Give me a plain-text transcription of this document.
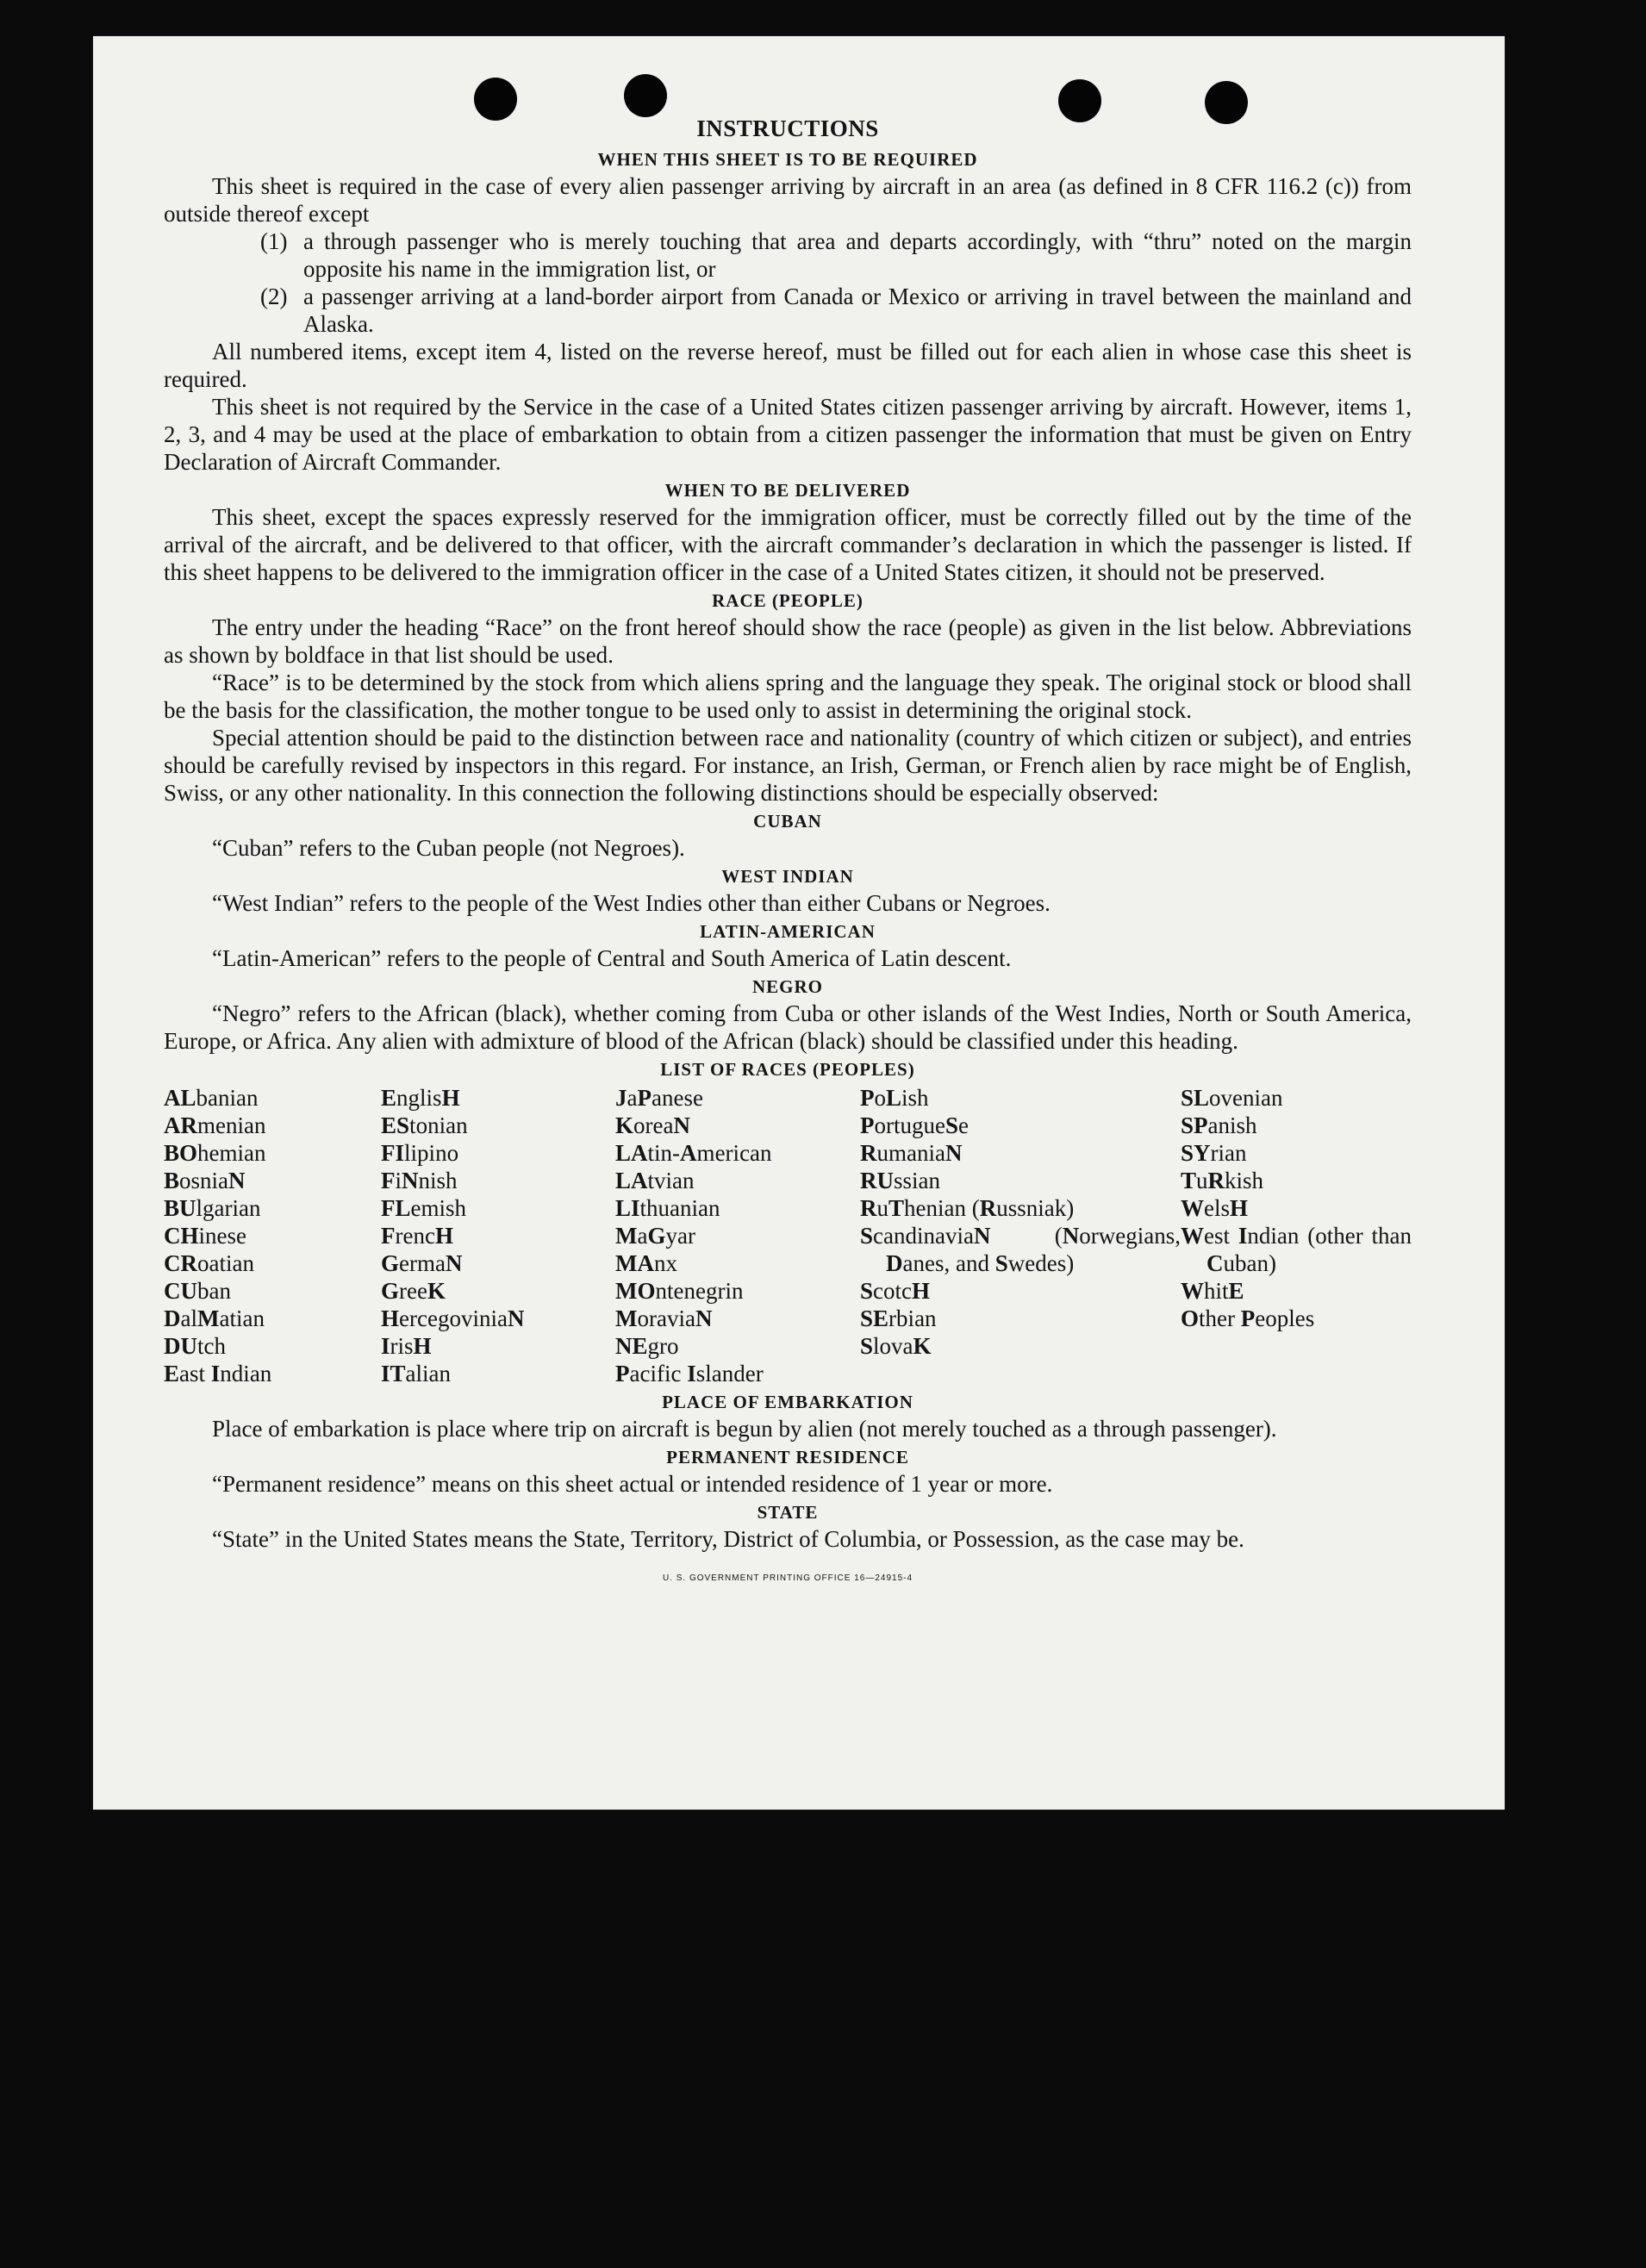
INSTRUCTIONS
WHEN THIS SHEET IS TO BE REQUIRED

This sheet is required in the case of every alien passenger arriving by aircraft in an area (as defined in 8 CFR 116.2 (c)) from outside thereof except

(1) a through passenger who is merely touching that area and departs accordingly, with “thru” noted on the margin opposite his name in the immigration list, or
(2) a passenger arriving at a land-border airport from Canada or Mexico or arriving in travel between the mainland and Alaska.

All numbered items, except item 4, listed on the reverse hereof, must be filled out for each alien in whose case this sheet is required.

This sheet is not required by the Service in the case of a United States citizen passenger arriving by aircraft. However, items 1, 2, 3, and 4 may be used at the place of embarkation to obtain from a citizen passenger the information that must be given on Entry Declaration of Aircraft Commander.

WHEN TO BE DELIVERED

This sheet, except the spaces expressly reserved for the immigration officer, must be correctly filled out by the time of the arrival of the aircraft, and be delivered to that officer, with the aircraft commander’s declaration in which the passenger is listed. If this sheet happens to be delivered to the immigration officer in the case of a United States citizen, it should not be preserved.

RACE (PEOPLE)

The entry under the heading “Race” on the front hereof should show the race (people) as given in the list below. Abbreviations as shown by boldface in that list should be used.

“Race” is to be determined by the stock from which aliens spring and the language they speak. The original stock or blood shall be the basis for the classification, the mother tongue to be used only to assist in determining the original stock.

Special attention should be paid to the distinction between race and nationality (country of which citizen or subject), and entries should be carefully revised by inspectors in this regard. For instance, an Irish, German, or French alien by race might be of English, Swiss, or any other nationality. In this connection the following distinctions should be especially observed:

CUBAN

“Cuban” refers to the Cuban people (not Negroes).

WEST INDIAN

“West Indian” refers to the people of the West Indies other than either Cubans or Negroes.

LATIN-AMERICAN

“Latin-American” refers to the people of Central and South America of Latin descent.

NEGRO

“Negro” refers to the African (black), whether coming from Cuba or other islands of the West Indies, North or South America, Europe, or Africa. Any alien with admixture of blood of the African (black) should be classified under this heading.

LIST OF RACES (PEOPLES)
ALbanian
ARmenian
BOhemian
BosniaN
BUlgarian
CHinese
CRoatian
CUban
DalMatian
DUtch
East Indian
EnglisH
EStonian
FIlipino
FiNnish
FLemish
FrencH
GermaN
GreeK
HercegoviniaN
IrisH
ITalian
JaPanese
KoreaN
LAtin-American
LAtvian
LIthuanian
MaGyar
MAnx
MOntenegrin
MoraviaN
NEgro
Pacific Islander
PoLish
PortugueSe
RumaniaN
RUssian
RuThenian (Russniak)
ScandinaviaN	(Norwegians, Danes, and Swedes)
ScotcH
SErbian
SlovaK
SLovenian
SPanish
SYrian
TuRkish
WelsH
West Indian (other than Cuban)
WhitE
Other Peoples
PLACE OF EMBARKATION

Place of embarkation is place where trip on aircraft is begun by alien (not merely touched as a through passenger).

PERMANENT RESIDENCE

“Permanent residence” means on this sheet actual or intended residence of 1 year or more.

STATE

“State” in the United States means the State, Territory, District of Columbia, or Possession, as the case may be.

U. S. GOVERNMENT PRINTING OFFICE 16—24915-4
